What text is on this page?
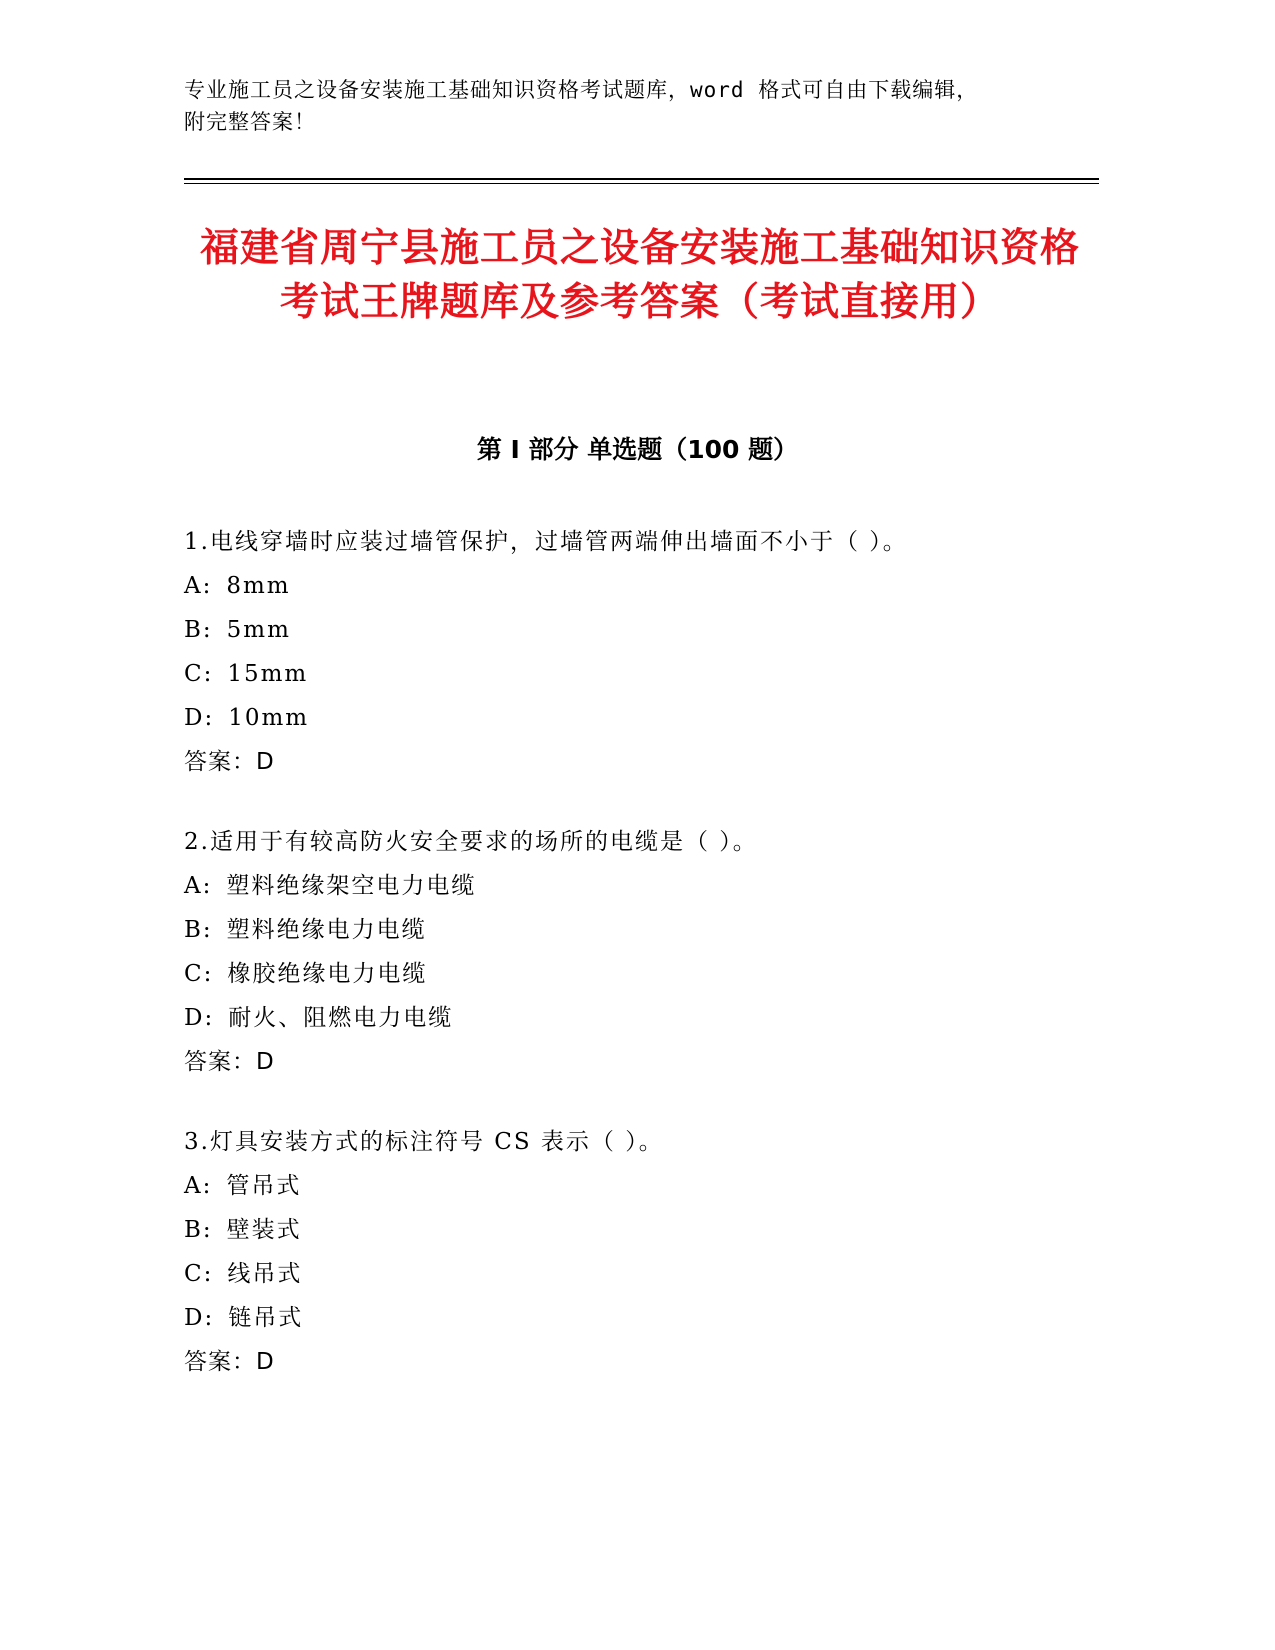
专业施工员之设备安装施工基础知识资格考试题库，word 格式可自由下载编辑，
附完整答案！
福建省周宁县施工员之设备安装施工基础知识资格考试王牌题库及参考答案（考试直接用）
第 I 部分 单选题（100 题）
1.电线穿墙时应装过墙管保护，过墙管两端伸出墙面不小于（ ）。
A: 8mm
B: 5mm
C: 15mm
D: 10mm
答案：D
2.适用于有较高防火安全要求的场所的电缆是（ ）。
A: 塑料绝缘架空电力电缆
B: 塑料绝缘电力电缆
C: 橡胶绝缘电力电缆
D: 耐火、阻燃电力电缆
答案：D
3.灯具安装方式的标注符号 CS 表示（ ）。
A: 管吊式
B: 壁装式
C: 线吊式
D: 链吊式
答案：D
